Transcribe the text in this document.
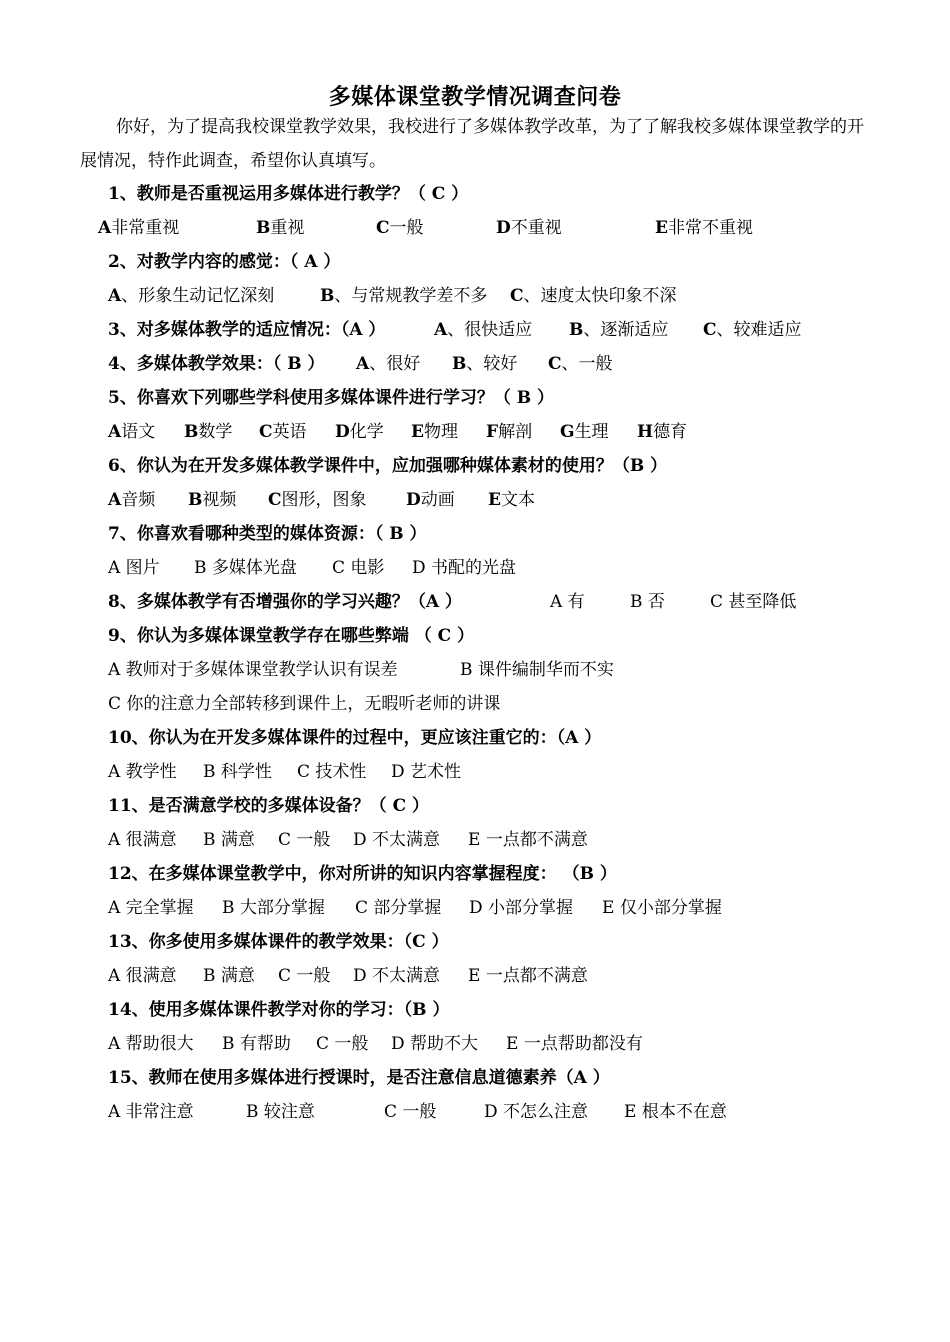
多媒体课堂教学情况调查问卷
你好，为了提高我校课堂教学效果，我校进行了多媒体教学改革，为了了解我校多媒体课堂教学的开展情况，特作此调查，希望你认真填写。
1、教师是否重视运用多媒体进行教学？（ C ）
A非常重视	B重视	C一般	D不重视	E非常不重视
2、对教学内容的感觉：（ A ）
A、形象生动记忆深刻	B、与常规教学差不多 C、速度太快印象不深
3、对多媒体教学的适应情况：（A ）	A、很快适应 B、逐渐适应 C、较难适应
4、多媒体教学效果：（ B ） A、很好 B、较好 C、一般
5、你喜欢下列哪些学科使用多媒体课件进行学习？（ B ）
A语文 B数学 C英语 D化学 E物理 F解剖 G生理 H德育
6、你认为在开发多媒体教学课件中，应加强哪种媒体素材的使用？（B ）
A音频 B视频 C图形，图象 D动画 E文本
7、你喜欢看哪种类型的媒体资源：（ B ）
A 图片 B 多媒体光盘 C 电影 D 书配的光盘
8、多媒体教学有否增强你的学习兴趣？（A ）	A 有	B 否	C 甚至降低
9、你认为多媒体课堂教学存在哪些弊端 （ C ）
A 教师对于多媒体课堂教学认识有误差	B 课件编制华而不实
C 你的注意力全部转移到课件上，无暇听老师的讲课
10、你认为在开发多媒体课件的过程中，更应该注重它的：（A ）
A 教学性 B 科学性 C 技术性 D 艺术性
11、是否满意学校的多媒体设备？（ C ）
A 很满意 B 满意 C 一般 D 不太满意 E 一点都不满意
12、在多媒体课堂教学中，你对所讲的知识内容掌握程度： （B ）
A 完全掌握 B 大部分掌握 C 部分掌握 D 小部分掌握 E 仅小部分掌握
13、你多使用多媒体课件的教学效果：（C ）
A 很满意 B 满意 C 一般 D 不太满意 E 一点都不满意
14、使用多媒体课件教学对你的学习：（B ）
A 帮助很大 B 有帮助 C 一般 D 帮助不大 E 一点帮助都没有
15、教师在使用多媒体进行授课时，是否注意信息道德素养（A ）
A 非常注意	B 较注意	C 一般	D 不怎么注意 E 根本不在意
